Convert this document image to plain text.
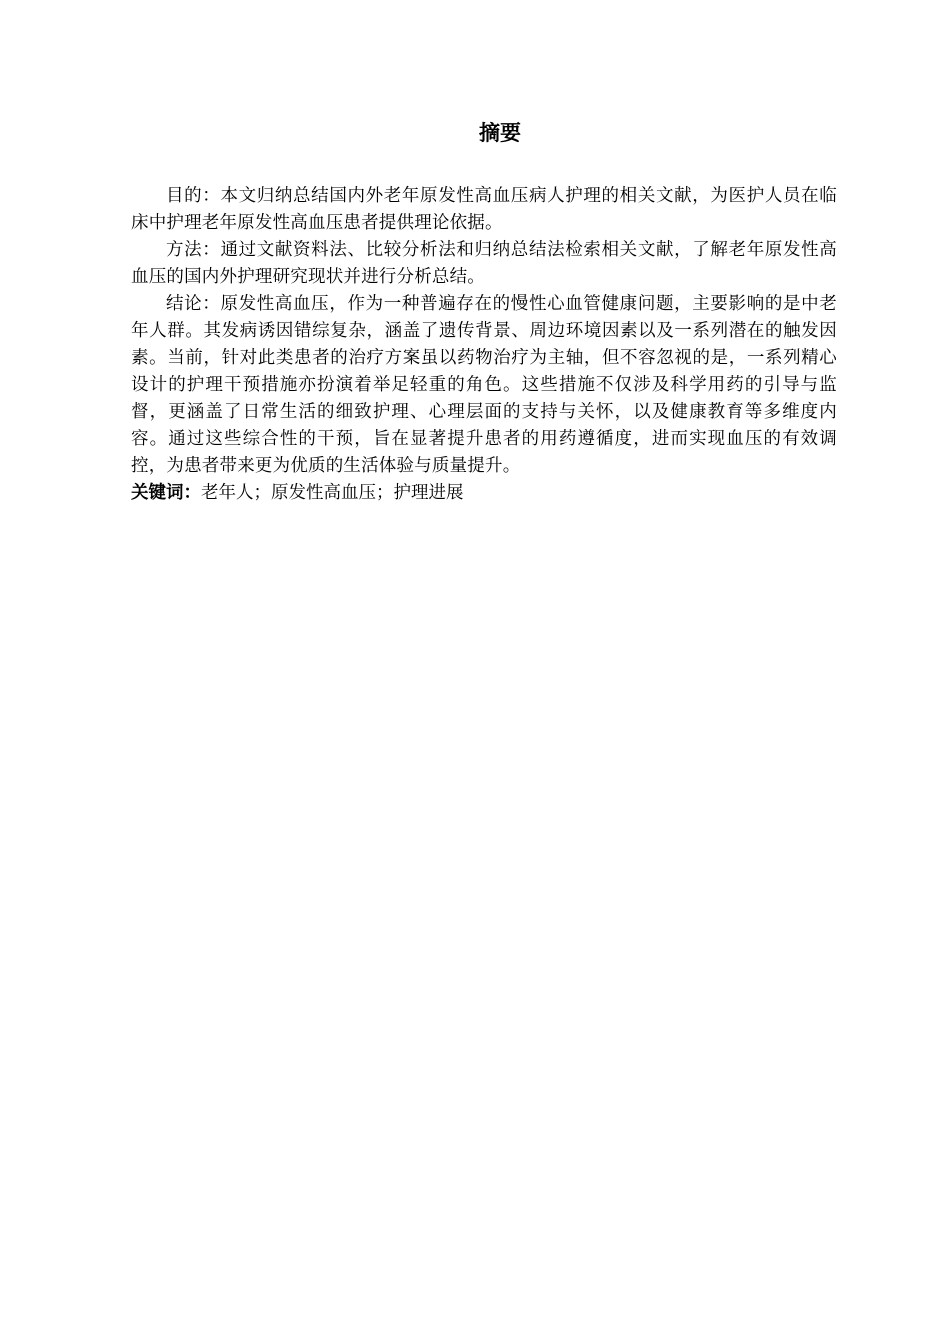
摘要

目的：本文归纳总结国内外老年原发性高血压病人护理的相关文献，为医护人员在临床中护理老年原发性高血压患者提供理论依据。

方法：通过文献资料法、比较分析法和归纳总结法检索相关文献，了解老年原发性高血压的国内外护理研究现状并进行分析总结。

结论：原发性高血压，作为一种普遍存在的慢性心血管健康问题，主要影响的是中老年人群。其发病诱因错综复杂，涵盖了遗传背景、周边环境因素以及一系列潜在的触发因素。当前，针对此类患者的治疗方案虽以药物治疗为主轴，但不容忽视的是，一系列精心设计的护理干预措施亦扮演着举足轻重的角色。这些措施不仅涉及科学用药的引导与监督，更涵盖了日常生活的细致护理、心理层面的支持与关怀，以及健康教育等多维度内容。通过这些综合性的干预，旨在显著提升患者的用药遵循度，进而实现血压的有效调控，为患者带来更为优质的生活体验与质量提升。

关键词：老年人；原发性高血压；护理进展
